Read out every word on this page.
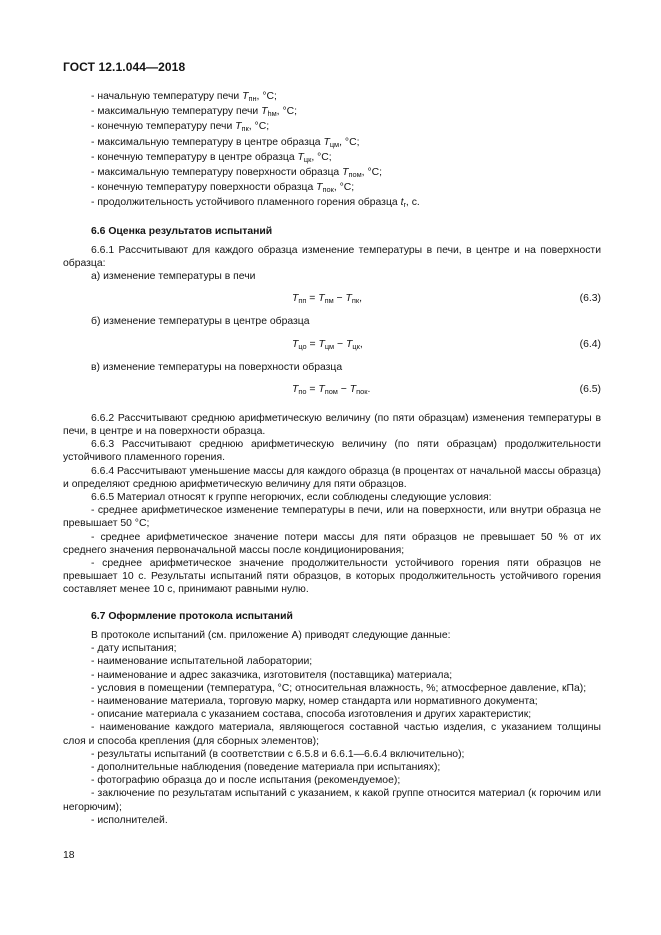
ГОСТ 12.1.044—2018
- начальную температуру печи $T_{пн}$, °С;
- максимальную температуру печи $T_{hм}$, °С;
- конечную температуру печи $T_{пк}$, °С;
- максимальную температуру в центре образца $T_{цм}$, °С;
- конечную температуру в центре образца $T_{цк}$, °С;
- максимальную температуру поверхности образца $T_{пом}$, °С;
- конечную температуру поверхности образца $T_{пок}$, °С;
- продолжительность устойчивого пламенного горения образца $t_r$, с.
6.6 Оценка результатов испытаний
6.6.1 Рассчитывают для каждого образца изменение температуры в печи, в центре и на поверхности образца:
а) изменение температуры в печи
$T_{пп} = T_{пм} - T_{пк}$,	(6.3)
б) изменение температуры в центре образца
$T_{цо} = T_{цм} - T_{цк}$,	(6.4)
в) изменение температуры на поверхности образца
$T_{по} = T_{пом} - T_{пок}$.	(6.5)
6.6.2 Рассчитывают среднюю арифметическую величину (по пяти образцам) изменения температуры в печи, в центре и на поверхности образца.
6.6.3 Рассчитывают среднюю арифметическую величину (по пяти образцам) продолжительности устойчивого пламенного горения.
6.6.4 Рассчитывают уменьшение массы для каждого образца (в процентах от начальной массы образца) и определяют среднюю арифметическую величину для пяти образцов.
6.6.5 Материал относят к группе негорючих, если соблюдены следующие условия:
- среднее арифметическое изменение температуры в печи, или на поверхности, или внутри образца не превышает 50 °С;
- среднее арифметическое значение потери массы для пяти образцов не превышает 50 % от их среднего значения первоначальной массы после кондиционирования;
- среднее арифметическое значение продолжительности устойчивого горения пяти образцов не превышает 10 с. Результаты испытаний пяти образцов, в которых продолжительность устойчивого горения составляет менее 10 с, принимают равными нулю.
6.7 Оформление протокола испытаний
В протоколе испытаний (см. приложение А) приводят следующие данные:
- дату испытания;
- наименование испытательной лаборатории;
- наименование и адрес заказчика, изготовителя (поставщика) материала;
- условия в помещении (температура, °С; относительная влажность, %; атмосферное давление, кПа);
- наименование материала, торговую марку, номер стандарта или нормативного документа;
- описание материала с указанием состава, способа изготовления и других характеристик;
- наименование каждого материала, являющегося составной частью изделия, с указанием толщины слоя и способа крепления (для сборных элементов);
- результаты испытаний (в соответствии с 6.5.8 и 6.6.1—6.6.4 включительно);
- дополнительные наблюдения (поведение материала при испытаниях);
- фотографию образца до и после испытания (рекомендуемое);
- заключение по результатам испытаний с указанием, к какой группе относится материал (к горючим или негорючим);
- исполнителей.
18
